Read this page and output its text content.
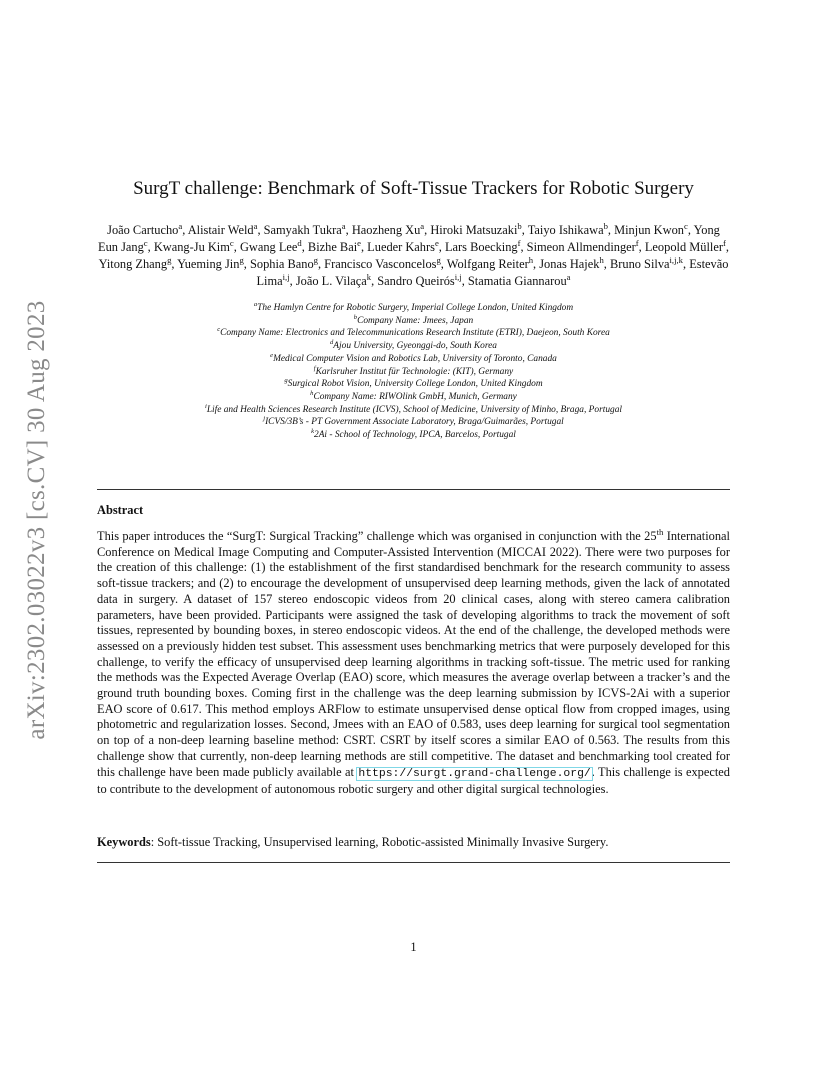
arXiv:2302.03022v3 [cs.CV] 30 Aug 2023
SurgT challenge: Benchmark of Soft-Tissue Trackers for Robotic Surgery
João Cartucho$^a$, Alistair Weld$^a$, Samyakh Tukra$^a$, Haozheng Xu$^a$, Hiroki Matsuzaki$^b$, Taiyo Ishikawa$^b$, Minjun Kwon$^c$, Yong Eun Jang$^c$, Kwang-Ju Kim$^c$, Gwang Lee$^d$, Bizhe Bai$^e$, Lueder Kahrs$^e$, Lars Boecking$^f$, Simeon Allmendinger$^f$, Leopold Müller$^f$, Yitong Zhang$^g$, Yueming Jin$^g$, Sophia Bano$^g$, Francisco Vasconcelos$^g$, Wolfgang Reiter$^h$, Jonas Hajek$^h$, Bruno Silva$^{i,j,k}$, Estevão Lima$^{i,j}$, João L. Vilaça$^k$, Sandro Queirós$^{i,j}$, Stamatia Giannarou$^a$
$^a$The Hamlyn Centre for Robotic Surgery, Imperial College London, United Kingdom
$^b$Company Name: Jmees, Japan
$^c$Company Name: Electronics and Telecommunications Research Institute (ETRI), Daejeon, South Korea
$^d$Ajou University, Gyeonggi-do, South Korea
$^e$Medical Computer Vision and Robotics Lab, University of Toronto, Canada
$^f$Karlsruher Institut für Technologie: (KIT), Germany
$^g$Surgical Robot Vision, University College London, United Kingdom
$^h$Company Name: RIWOlink GmbH, Munich, Germany
$^i$Life and Health Sciences Research Institute (ICVS), School of Medicine, University of Minho, Braga, Portugal
$^j$ICVS/3B’s - PT Government Associate Laboratory, Braga/Guimarães, Portugal
$^k$2Ai - School of Technology, IPCA, Barcelos, Portugal
Abstract
This paper introduces the “SurgT: Surgical Tracking” challenge which was organised in conjunction with the 25th International Conference on Medical Image Computing and Computer-Assisted Intervention (MICCAI 2022). There were two purposes for the creation of this challenge: (1) the establishment of the first standardised benchmark for the research community to assess soft-tissue trackers; and (2) to encourage the development of unsupervised deep learning methods, given the lack of annotated data in surgery. A dataset of 157 stereo endoscopic videos from 20 clinical cases, along with stereo camera calibration parameters, have been provided. Participants were assigned the task of developing algorithms to track the movement of soft tissues, represented by bounding boxes, in stereo endoscopic videos. At the end of the challenge, the developed methods were assessed on a previously hidden test subset. This assessment uses benchmarking metrics that were purposely developed for this challenge, to verify the efficacy of unsupervised deep learning algorithms in tracking soft-tissue. The metric used for ranking the methods was the Expected Average Overlap (EAO) score, which measures the average overlap between a tracker’s and the ground truth bounding boxes. Coming first in the challenge was the deep learning submission by ICVS-2Ai with a superior EAO score of 0.617. This method employs ARFlow to estimate unsupervised dense optical flow from cropped images, using photometric and regularization losses. Second, Jmees with an EAO of 0.583, uses deep learning for surgical tool segmentation on top of a non-deep learning baseline method: CSRT. CSRT by itself scores a similar EAO of 0.563. The results from this challenge show that currently, non-deep learning methods are still competitive. The dataset and benchmarking tool created for this challenge have been made publicly available at https://surgt.grand-challenge.org/. This challenge is expected to contribute to the development of autonomous robotic surgery and other digital surgical technologies.
Keywords: Soft-tissue Tracking, Unsupervised learning, Robotic-assisted Minimally Invasive Surgery.
1
